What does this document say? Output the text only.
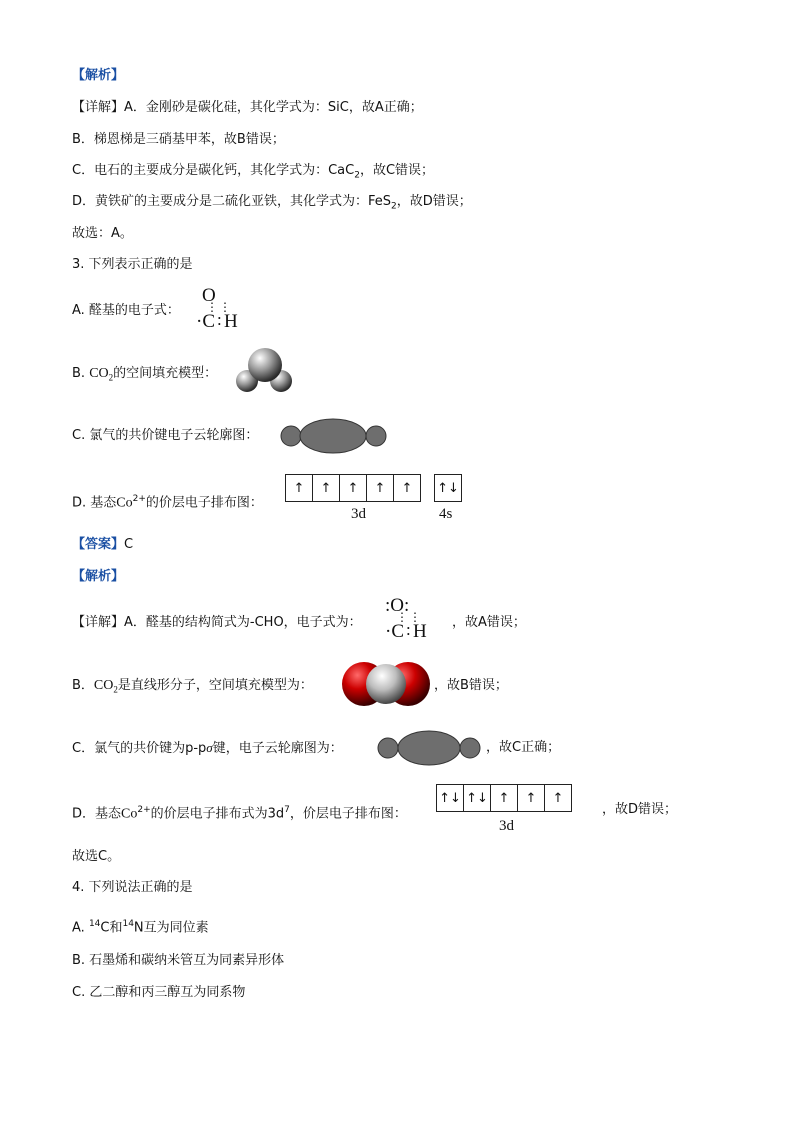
【解析】
【详解】A．金刚砂是碳化硅，其化学式为：SiC，故A正确；
B．梯恩梯是三硝基甲苯，故B错误；
C．电石的主要成分是碳化钙，其化学式为：CaC$_2$，故C错误；
D．黄铁矿的主要成分是二硫化亚铁，其化学式为：FeS$_2$，故D错误；
故选：A。
3. 下列表示正确的是
A. 醛基的电子式：
O
⋮⋮
·C : H
B. $CO_2$的空间填充模型：
C. 氯气的共价键电子云轮廓图：
D. 基态$Co^{2+}$的价层电子排布图：
↑	↑	↑	↑	↑	↑↓
3d	4s
【答案】C
【解析】
【详解】A．醛基的结构简式为-CHO，电子式为：
:O:
⋮⋮
·C : H ，故A错误；
B．$CO_2$是直线形分子，空间填充模型为：	，故B错误；
C．氯气的共价键为p-pσ键，电子云轮廓图为：	，故C正确；
D．基态$Co^{2+}$的价层电子排布式为$3d^7$，价层电子排布图：
↑↓ ↑↓ ↑	↑	↑
3d
，故D错误；
故选C。
4. 下列说法正确的是
A. $^{14}$C和$^{14}$N互为同位素
B. 石墨烯和碳纳米管互为同素异形体
C. 乙二醇和丙三醇互为同系物
